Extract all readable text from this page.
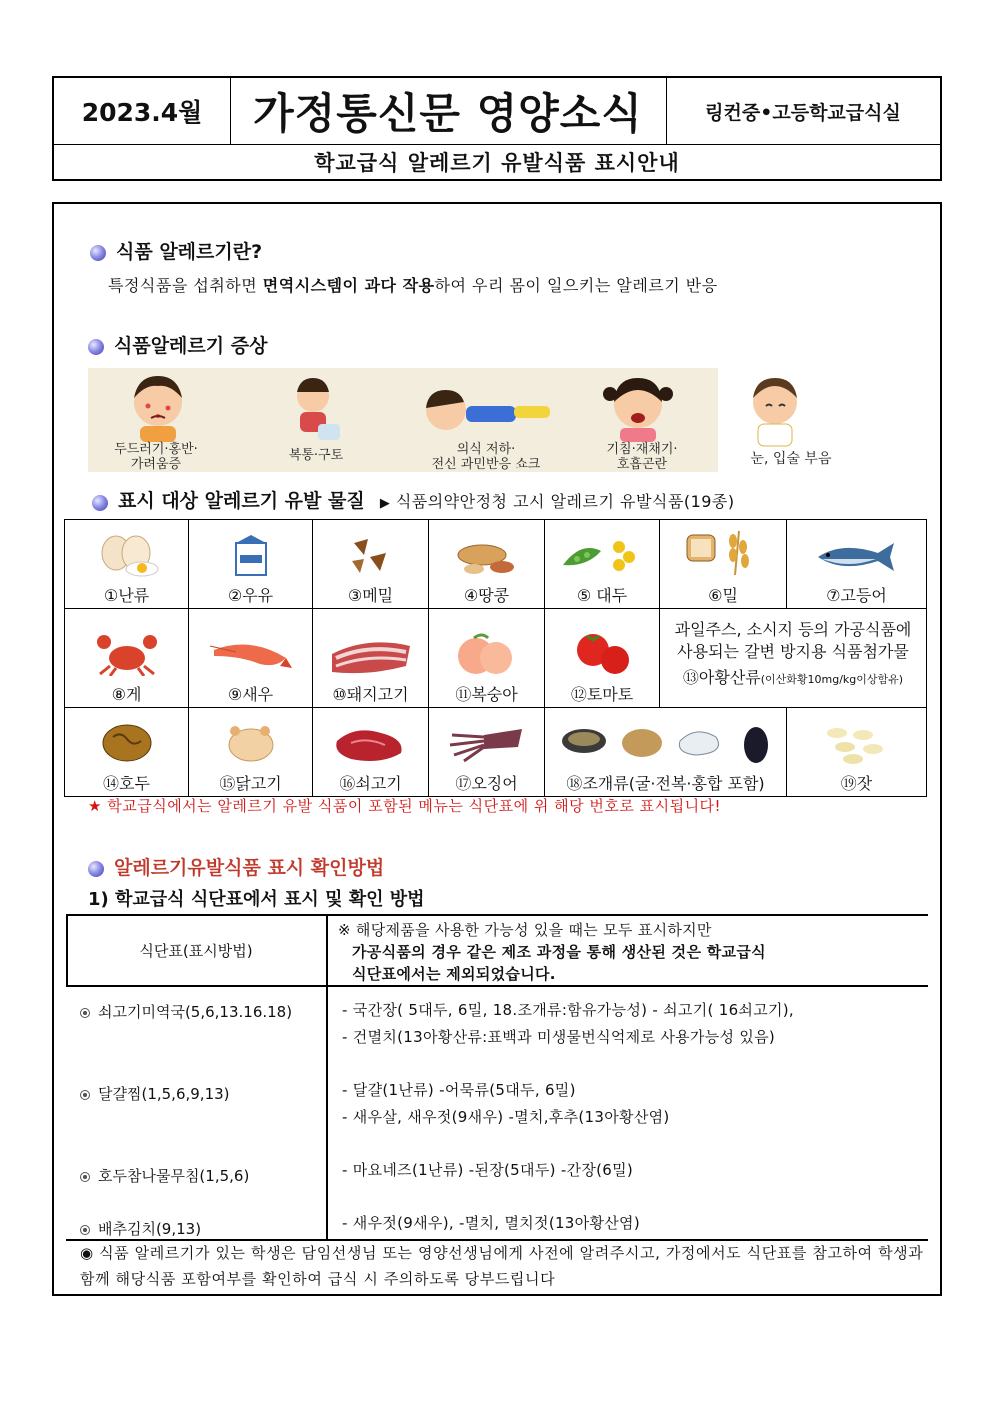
2023.4월	가정통신문 영양소식	링컨중•고등학교급식실
학교급식 알레르기 유발식품 표시안내
식품 알레르기란?
특정식품을 섭취하면 면역시스템이 과다 작용하여 우리 몸이 일으키는 알레르기 반응
식품알레르기 증상
두드러기·홍반·
가려움증
복통·구토	의식 저하·
전신 과민반응 쇼크
기침·재채기·
호흡곤란	눈, 입술 부음
표시 대상 알레르기 유발 물질 ▶ 식품의약안정청 고시 알레르기 유발식품(19종)
①난류	②우유	③메밀	④땅콩	⑤ 대두	⑥밀	⑦고등어

⑧게	⑨새우	⑩돼지고기	⑪복숭아	⑫토마토	과일주스, 소시지 등의 가공식품에
사용되는 갈변 방지용 식품첨가물
⑬아황산류(이산화황10mg/kg이상함유)	

⑭호두	⑮닭고기	⑯쇠고기	⑰오징어	⑱조개류(굴·전복·홍합 포함)		⑲잣
★ 학교급식에서는 알레르기 유발 식품이 포함된 메뉴는 식단표에 위 해당 번호로 표시됩니다!
알레르기유발식품 표시 확인방법
1) 학교급식 식단표에서 표시 및 확인 방법
식단표(표시방법)
※ 해당제품을 사용한 가능성 있을 때는 모두 표시하지만
가공식품의 경우 같은 제조 과정을 통해 생산된 것은 학교급식
식단표에서는 제외되었습니다.
쇠고기미역국(5,6,13.16.18)	- 국간장( 5대두, 6밀, 18.조개류:함유가능성) - 쇠고기( 16쇠고기),
- 건멸치(13아황산류:표백과 미생물번식억제로 사용가능성 있음)
달걀찜(1,5,6,9,13)	- 달걀(1난류) -어묵류(5대두, 6밀)
- 새우살, 새우젓(9새우) -멸치,후추(13아황산염)
호두참나물무침(1,5,6)	- 마요네즈(1난류) -된장(5대두) -간장(6밀)
배추김치(9,13)	- 새우젓(9새우), -멸치, 멸치젓(13아황산염)
◉ 식품 알레르기가 있는 학생은 담임선생님 또는 영양선생님에게 사전에 알려주시고, 가정에서도 식단표를 참고하여 학생과 함께 해당식품 포함여부를 확인하여 급식 시 주의하도록 당부드립니다
